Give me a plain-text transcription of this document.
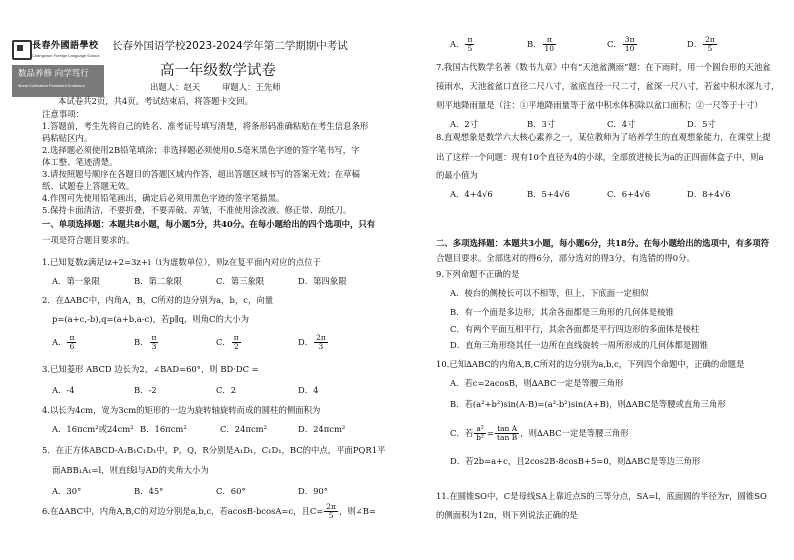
長春外國語學校
Changchun Foreign Language School
数品养修 向学笃行
Moral Cultivation Persistent Endeavor
长春外国语学校2023-2024学年第二学期期中考试
高一年级数学试卷
出题人：赵天	审题人：王先师
本试卷共2页，共4页。考试结束后，将答题卡交回。
注意事项：
1.答题前，考生先将自己的姓名、准考证号填写清楚，将条形码准确粘贴在考生信息条形
码粘贴区内。
2.选择题必须使用2B铅笔填涂；非选择题必须使用0.5毫米黑色字迹的签字笔书写，字
体工整、笔迹清楚。
3.请按照题号顺序在各题目的答题区域内作答，超出答题区域书写的答案无效；在草稿
纸、试题卷上答题无效。
4.作图可先使用铅笔画出，确定后必须用黑色字迹的签字笔描黑。
5.保持卡面清洁，不要折叠，不要弄破、弄皱，不准使用涂改液、修正带、刮纸刀。
一、单项选择题：本题共8小题，每小题5分，共40分。在每小题给出的四个选项中，只有
一项是符合题目要求的。
1.已知复数z满足iz+2=3z+i（i为虚数单位），则z在复平面内对应的点位于
A．第一象限	B．第二象限	C．第三象限	D．第四象限
2．在∆ABC中，内角A，B，C所对的边分别为a，b，c，向量
p=(a+c,-b),q=(a+b,a-c)，若p∥q，则角C的大小为
A． $\frac{\pi}{6}$	B． $\frac{\pi}{3}$	C． $\frac{\pi}{2}$	D． $\frac{2\pi}{3}$
3.已知菱形 ABCD 边长为2，∠BAD=60°，则 BD·DC =
A．-4	B．-2	C．2	D．4
4.以长为4cm，宽为3cm的矩形的一边为旋转轴旋转而成的圆柱的侧面积为
A．16πcm²或24cm² B．16πcm²	C．24πcm²	D．24πcm²
5．在正方体ABCD-A₁B₁C₁D₁中，P，Q，R分别是A₁D₁，C₁D₁，BC的中点，平面PQR1平
面ABB₁A₁=l，则直线l与AD的夹角大小为
A．30°	B．45°	C．60°	D．90°
6.在∆ABC中，内角A,B,C的对边分别是a,b,c，若acosB-bcosA=c，且$C= \frac{2\pi}{5}$ ，则∠B=
A． $\frac{\pi}{5}$	B． $\frac{\pi}{10}$	C． $\frac{3\pi}{10}$	D． $\frac{2\pi}{5}$
7.我国古代数学名著《数书九章》中有“天池盆测雨”题：在下雨时，用一个圆台形的天池盆
接雨水，天池盆盆口直径二尺八寸，盆底直径一尺二寸，盆深一尺八寸，若盆中积水深九寸，
则平地降雨量是（注：①平地降雨量等于盆中积水体积除以盆口面积；②一尺等于十寸）
A．2寸	B．3寸	C．4寸	D．5寸
8.直观想象是数学六大核心素养之一，某位教师为了培养学生的直观想象能力，在课堂上提
出了这样一个问题：现有10个直径为4的小球，全部放进棱长为a的正四面体盒子中，则a
的最小值为
A．4+4√6	B．5+4√6	C．6+4√6	D．8+4√6
二、多项选择题：本题共3小题，每小题6分，共18分。在每小题给出的选项中，有多项符
合题目要求。全部选对的得6分，部分选对的得3分，有选错的得0分。
9.下列命题不正确的是
A．棱台的侧棱长可以不相等，但上、下底面一定相似
B．有一个面是多边形，其余各面都是三角形的几何体是棱锥
C．有两个平面互相平行，其余各面都是平行四边形的多面体是棱柱
D．直角三角形绕其任一边所在直线旋转一周所形成的几何体都是圆锥
10.已知∆ABC的内角A,B,C所对的边分别为a,b,c，下列四个命题中，正确的命题是
A．若c=2acosB，则∆ABC一定是等腰三角形
B．若(a²+b²)sin(A-B)=(a²-b²)sin(A+B)，则∆ABC是等腰或直角三角形
C．若 $\frac{\text{a²}}{\text{b²}} = \frac{\text{tan A}}{\text{tan B}}$ ，则∆ABC一定是等腰三角形
D．若2b=a+c，且2cos2B-8cosB+5=0，则∆ABC是等边三角形
11.在圆锥SO中，C是母线SA上靠近点S的三等分点，SA=l，底面圆的半径为r，圆锥SO
的侧面积为12π，则下列说法正确的是
